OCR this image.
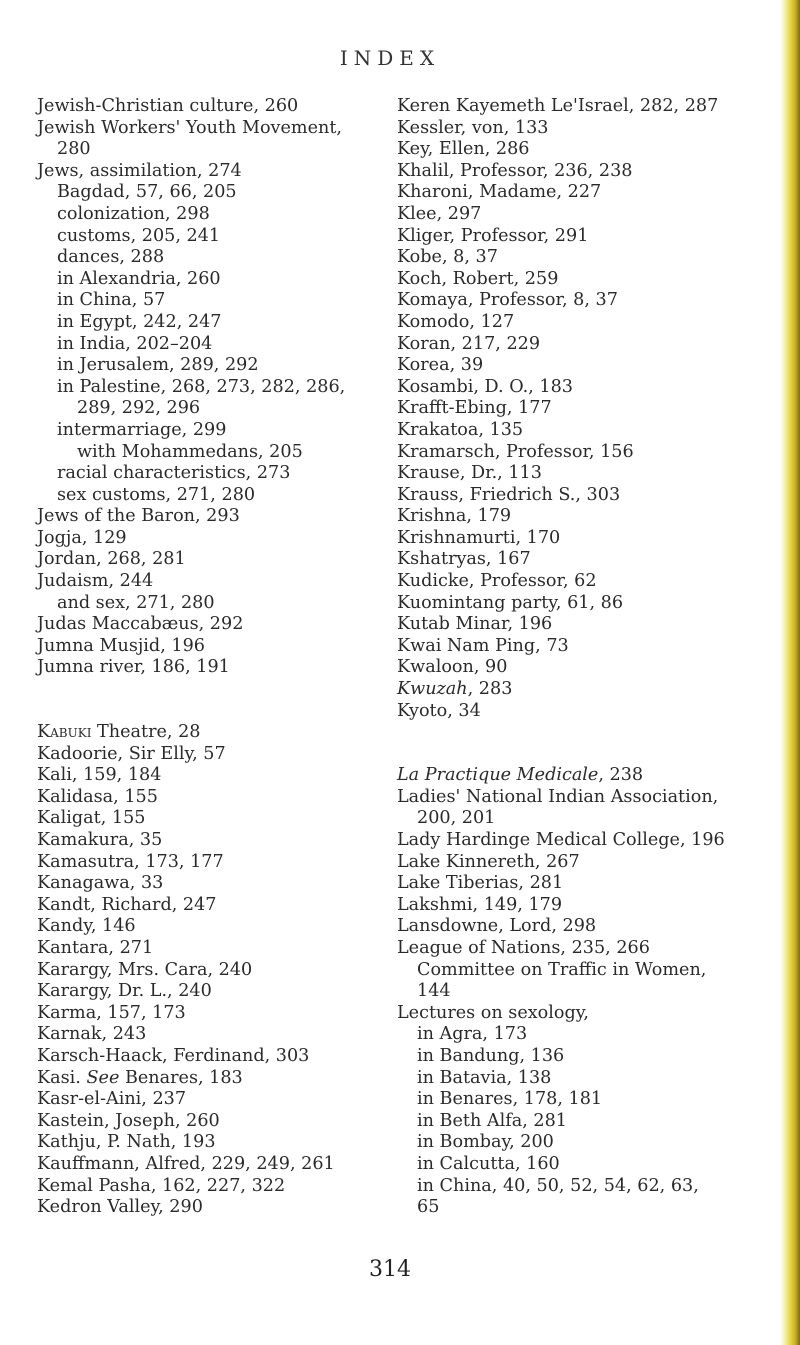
INDEX
Jewish-Christian culture, 260
Jewish Workers' Youth Movement,
280
Jews, assimilation, 274
Bagdad, 57, 66, 205
colonization, 298
customs, 205, 241
dances, 288
in Alexandria, 260
in China, 57
in Egypt, 242, 247
in India, 202–204
in Jerusalem, 289, 292
in Palestine, 268, 273, 282, 286,
289, 292, 296
intermarriage, 299
with Mohammedans, 205
racial characteristics, 273
sex customs, 271, 280
Jews of the Baron, 293
Jogja, 129
Jordan, 268, 281
Judaism, 244
and sex, 271, 280
Judas Maccabæus, 292
Jumna Musjid, 196
Jumna river, 186, 191
Kabuki Theatre, 28
Kadoorie, Sir Elly, 57
Kali, 159, 184
Kalidasa, 155
Kaligat, 155
Kamakura, 35
Kamasutra, 173, 177
Kanagawa, 33
Kandt, Richard, 247
Kandy, 146
Kantara, 271
Karargy, Mrs. Cara, 240
Karargy, Dr. L., 240
Karma, 157, 173
Karnak, 243
Karsch-Haack, Ferdinand, 303
Kasi. See Benares, 183
Kasr-el-Aini, 237
Kastein, Joseph, 260
Kathju, P. Nath, 193
Kauffmann, Alfred, 229, 249, 261
Kemal Pasha, 162, 227, 322
Kedron Valley, 290
Keren Kayemeth Le'Israel, 282, 287
Kessler, von, 133
Key, Ellen, 286
Khalil, Professor, 236, 238
Kharoni, Madame, 227
Klee, 297
Kliger, Professor, 291
Kobe, 8, 37
Koch, Robert, 259
Komaya, Professor, 8, 37
Komodo, 127
Koran, 217, 229
Korea, 39
Kosambi, D. O., 183
Krafft-Ebing, 177
Krakatoa, 135
Kramarsch, Professor, 156
Krause, Dr., 113
Krauss, Friedrich S., 303
Krishna, 179
Krishnamurti, 170
Kshatryas, 167
Kudicke, Professor, 62
Kuomintang party, 61, 86
Kutab Minar, 196
Kwai Nam Ping, 73
Kwaloon, 90
Kwuzah, 283
Kyoto, 34
La Practique Medicale, 238
Ladies' National Indian Association,
200, 201
Lady Hardinge Medical College, 196
Lake Kinnereth, 267
Lake Tiberias, 281
Lakshmi, 149, 179
Lansdowne, Lord, 298
League of Nations, 235, 266
Committee on Traffic in Women,
144
Lectures on sexology,
in Agra, 173
in Bandung, 136
in Batavia, 138
in Benares, 178, 181
in Beth Alfa, 281
in Bombay, 200
in Calcutta, 160
in China, 40, 50, 52, 54, 62, 63,
65
314
